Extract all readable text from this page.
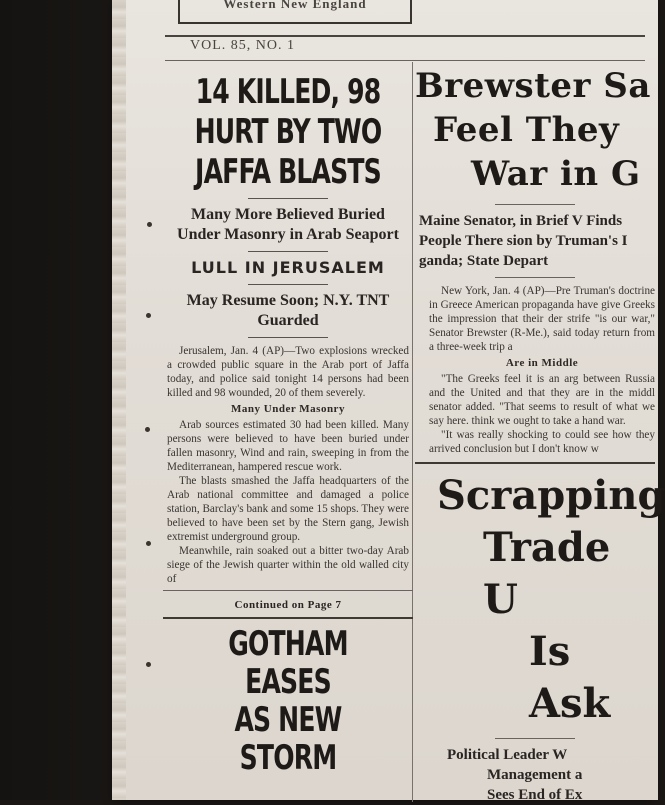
Western New England
VOL. 85, NO. 1
14 KILLED, 98
HURT BY TWO
JAFFA BLASTS
Many More Believed Buried Under Masonry in Arab Seaport
LULL IN JERUSALEM
May Resume Soon; N.Y. TNT Guarded

Jerusalem, Jan. 4 (AP)—Two explosions wrecked a crowded public square in the Arab port of Jaffa today, and police said tonight 14 persons had been killed and 98 wounded, 20 of them severely.

Many Under Masonry

Arab sources estimated 30 had been killed. Many persons were believed to have been buried under fallen masonry, Wind and rain, sweeping in from the Mediterranean, hampered rescue work.

The blasts smashed the Jaffa headquarters of the Arab national committee and damaged a police station, Barclay's bank and some 15 shops. They were believed to have been set by the Stern gang, Jewish extremist underground group.

Meanwhile, rain soaked out a bitter two-day Arab siege of the Jewish quarter within the old walled city of

Continued on Page 7
GOTHAM EASES
AS NEW STORM
Brewster Sa
Feel They
War in G
Maine Senator, in Brief V Finds People There sion by Truman's I ganda; State Depart

New York, Jan. 4 (AP)—Pre Truman's doctrine in Greece American propaganda have give Greeks the impression that their der strife "is our war," Senator Brewster (R-Me.), said today return from a three-week trip a

Are in Middle

"The Greeks feel it is an arg between Russia and the United and that they are in the middl senator added. "That seems to result of what we say here. think we ought to take a hand war.

"It was really shocking to could see how they arrived conclusion but I don't know w

Scrapping
Trade U
Is Ask
Political Leader W
Management a
Sees End of Ex
